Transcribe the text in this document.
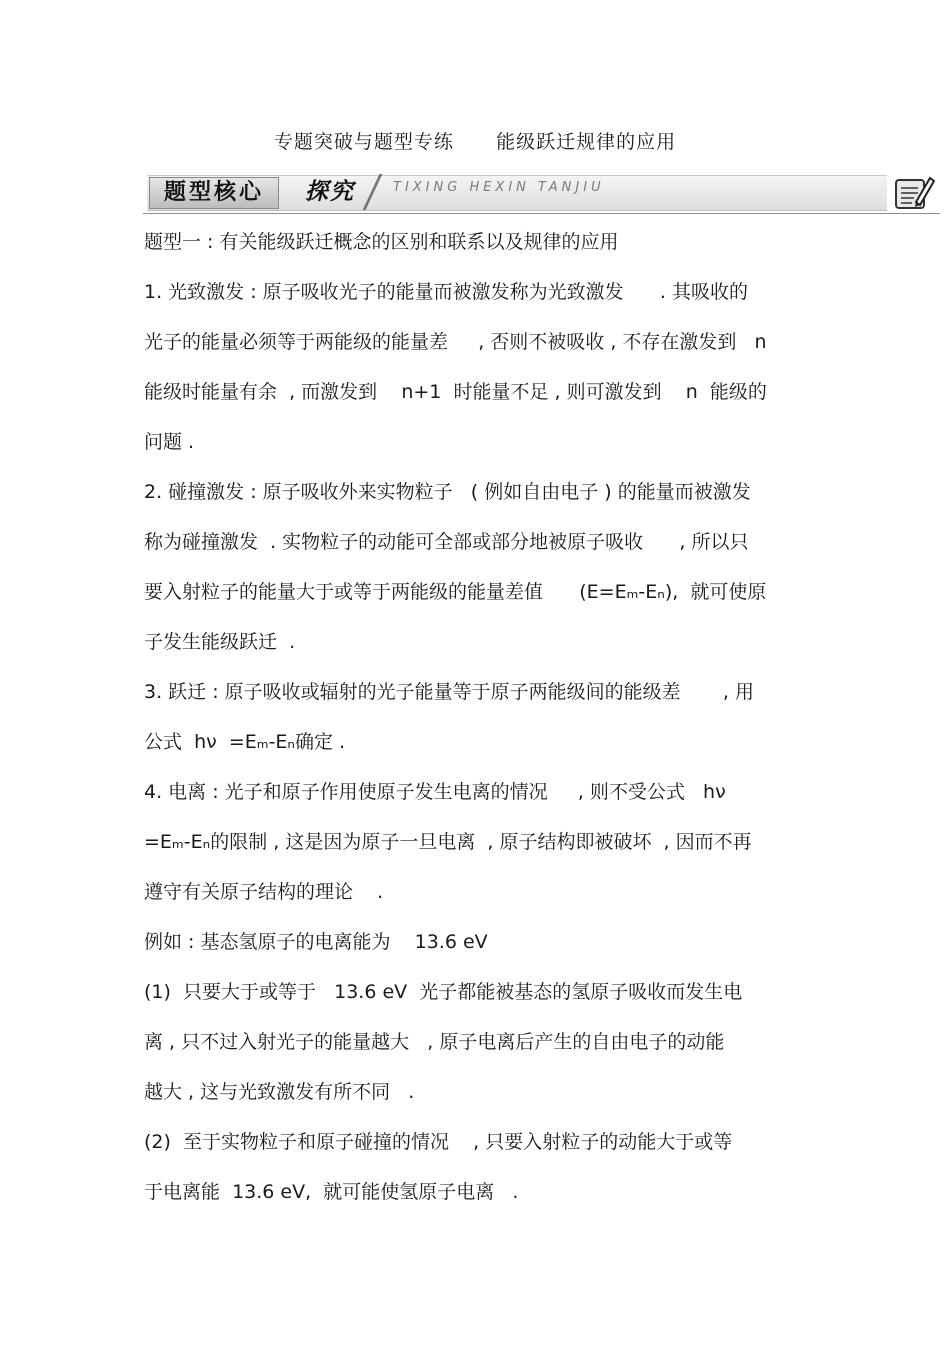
专题突破与题型专练      能级跃迁规律的应用
题型核心	探究	TIXING HEXIN TANJIU
题型一 : 有关能级跃迁概念的区别和联系以及规律的应用
1. 光致激发 : 原子吸收光子的能量而被激发称为光致激发      . 其吸收的
光子的能量必须等于两能级的能量差     , 否则不被吸收 , 不存在激发到   n
能级时能量有余  , 而激发到    n+1  时能量不足 , 则可激发到    n  能级的
问题 .
2. 碰撞激发 : 原子吸收外来实物粒子   ( 例如自由电子 ) 的能量而被激发
称为碰撞激发  . 实物粒子的动能可全部或部分地被原子吸收      , 所以只
要入射粒子的能量大于或等于两能级的能量差值      (E=Eₘ-Eₙ),  就可使原
子发生能级跃迁  .
3. 跃迁 : 原子吸收或辐射的光子能量等于原子两能级间的能级差       , 用
公式  hν  =Eₘ-Eₙ确定 .
4. 电离 : 光子和原子作用使原子发生电离的情况     , 则不受公式   hν
=Eₘ-Eₙ的限制 , 这是因为原子一旦电离  , 原子结构即被破坏  , 因而不再
遵守有关原子结构的理论    .
例如 : 基态氢原子的电离能为    13.6 eV
(1)  只要大于或等于   13.6 eV  光子都能被基态的氢原子吸收而发生电
离 , 只不过入射光子的能量越大   , 原子电离后产生的自由电子的动能
越大 , 这与光致激发有所不同   .
(2)  至于实物粒子和原子碰撞的情况    , 只要入射粒子的动能大于或等
于电离能  13.6 eV,  就可能使氢原子电离   .
